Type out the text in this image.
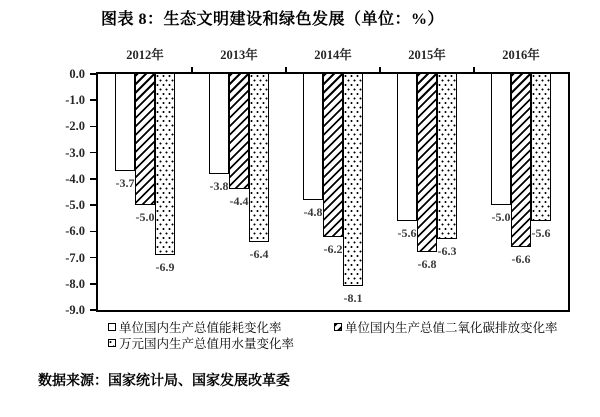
图表 8：生态文明建设和绿色发展（单位：%）
2012年	2013年	2014年	2015年	2016年
0.0
-1.0
-2.0
-3.0
-4.0
-5.0
-6.0
-7.0
-8.0
-9.0
-3.7	-3.8
-4.8
-5.6
-5.0
-5.0
-4.4
-6.2
-6.8	-6.6
-6.9
-6.4
-8.1
-6.3
-5.6
单位国内生产总值能耗变化率	单位国内生产总值二氧化碳排放变化率
万元国内生产总值用水量变化率
数据来源：国家统计局、国家发展改革委
